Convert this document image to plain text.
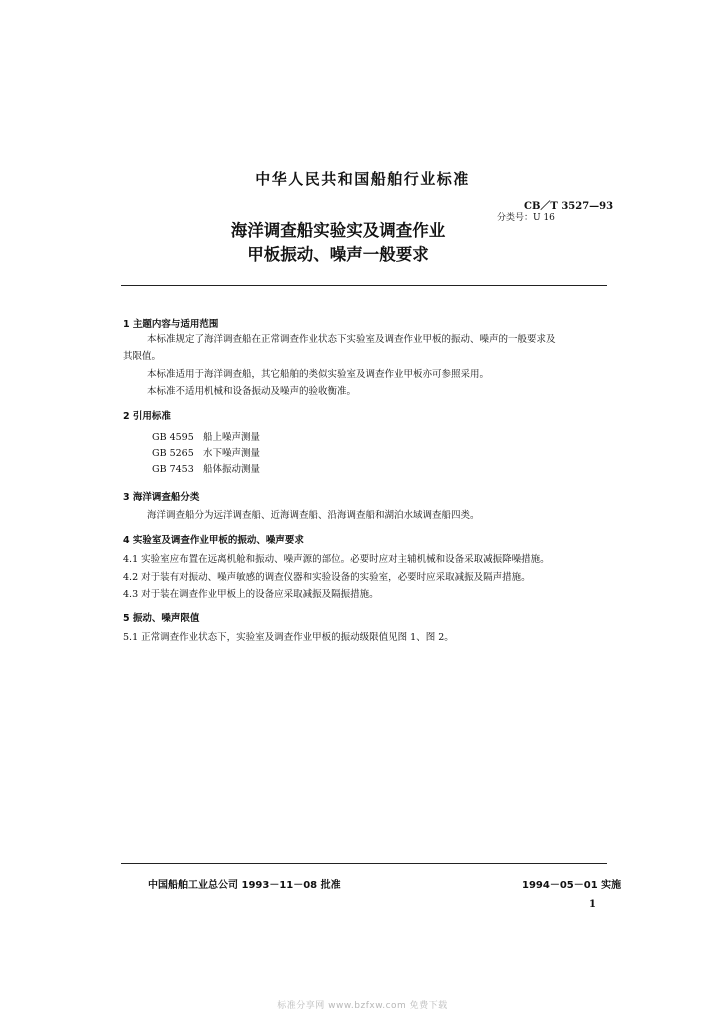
中华人民共和国船舶行业标准
CB／T 3527—93
分类号：U 16
海洋调查船实验实及调查作业
甲板振动、噪声一般要求
1 主题内容与适用范围
本标准规定了海洋调查船在正常调查作业状态下实验室及调查作业甲板的振动、噪声的一般要求及
其限值。
本标准适用于海洋调查船，其它船舶的类似实验室及调查作业甲板亦可参照采用。
本标准不适用机械和设备振动及噪声的验收衡准。
2 引用标准
GB 4595 船上噪声测量
GB 5265 水下噪声测量
GB 7453 船体振动测量
3 海洋调查船分类
海洋调查船分为远洋调查船、近海调查船、沿海调查船和湖泊水域调查船四类。
4 实验室及调查作业甲板的振动、噪声要求
4.1 实验室应布置在远离机舱和振动、噪声源的部位。必要时应对主辅机械和设备采取减振降噪措施。
4.2 对于装有对振动、噪声敏感的调查仪器和实验设备的实验室，必要时应采取减振及隔声措施。
4.3 对于装在调查作业甲板上的设备应采取减振及隔振措施。
5 振动、噪声限值
5.1 正常调查作业状态下，实验室及调查作业甲板的振动级限值见图 1、图 2。
中国船舶工业总公司 1993－11－08 批准	1994－05－01 实施
1
标准分享网 www.bzfxw.com 免费下载
